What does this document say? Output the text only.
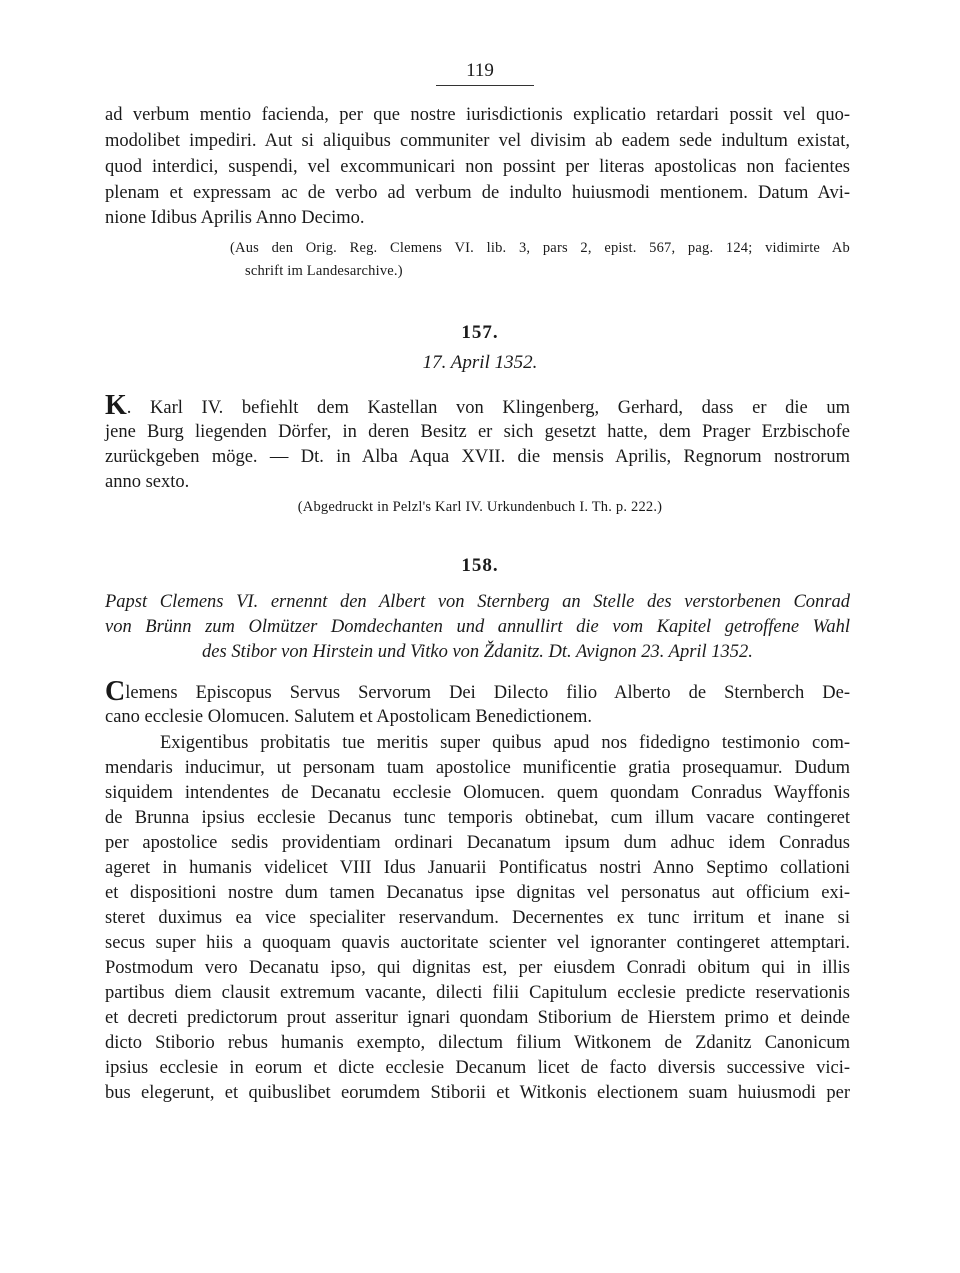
119
ad verbum mentio facienda, per que nostre iurisdictionis explicatio retardari possit vel quo-
modolibet impediri. Aut si aliquibus communiter vel divisim ab eadem sede indultum existat,
quod interdici, suspendi, vel excommunicari non possint per literas apostolicas non facientes
plenam et expressam ac de verbo ad verbum de indulto huiusmodi mentionem. Datum Avi-
nione Idibus Aprilis Anno Decimo.
(Aus den Orig. Reg. Clemens VI. lib. 3, pars 2, epist. 567, pag. 124; vidimirte Ab
schrift im Landesarchive.)
157.
17. April 1352.
K. Karl IV. befiehlt dem Kastellan von Klingenberg, Gerhard, dass er die um
jene Burg liegenden Dörfer, in deren Besitz er sich gesetzt hatte, dem Prager Erzbischofe
zurückgeben möge. — Dt. in Alba Aqua XVII. die mensis Aprilis, Regnorum nostrorum
anno sexto.
(Abgedruckt in Pelzl's Karl IV. Urkundenbuch I. Th. p. 222.)
158.
Papst Clemens VI. ernennt den Albert von Sternberg an Stelle des verstorbenen Conrad
von Brünn zum Olmützer Domdechanten und annullirt die vom Kapitel getroffene Wahl
des Stibor von Hirstein und Vitko von Ždanitz. Dt. Avignon 23. April 1352.
Clemens Episcopus Servus Servorum Dei Dilecto filio Alberto de Sternberch De-
cano ecclesie Olomucen. Salutem et Apostolicam Benedictionem.
Exigentibus probitatis tue meritis super quibus apud nos fidedigno testimonio com-
mendaris inducimur, ut personam tuam apostolice munificentie gratia prosequamur. Dudum
siquidem intendentes de Decanatu ecclesie Olomucen. quem quondam Conradus Wayffonis
de Brunna ipsius ecclesie Decanus tunc temporis obtinebat, cum illum vacare contingeret
per apostolice sedis providentiam ordinari Decanatum ipsum dum adhuc idem Conradus
ageret in humanis videlicet VIII Idus Januarii Pontificatus nostri Anno Septimo collationi
et dispositioni nostre dum tamen Decanatus ipse dignitas vel personatus aut officium exi-
steret duximus ea vice specialiter reservandum. Decernentes ex tunc irritum et inane si
secus super hiis a quoquam quavis auctoritate scienter vel ignoranter contingeret attemptari.
Postmodum vero Decanatu ipso, qui dignitas est, per eiusdem Conradi obitum qui in illis
partibus diem clausit extremum vacante, dilecti filii Capitulum ecclesie predicte reservationis
et decreti predictorum prout asseritur ignari quondam Stiborium de Hierstem primo et deinde
dicto Stiborio rebus humanis exempto, dilectum filium Witkonem de Zdanitz Canonicum
ipsius ecclesie in eorum et dicte ecclesie Decanum licet de facto diversis successive vici-
bus elegerunt, et quibuslibet eorumdem Stiborii et Witkonis electionem suam huiusmodi per
